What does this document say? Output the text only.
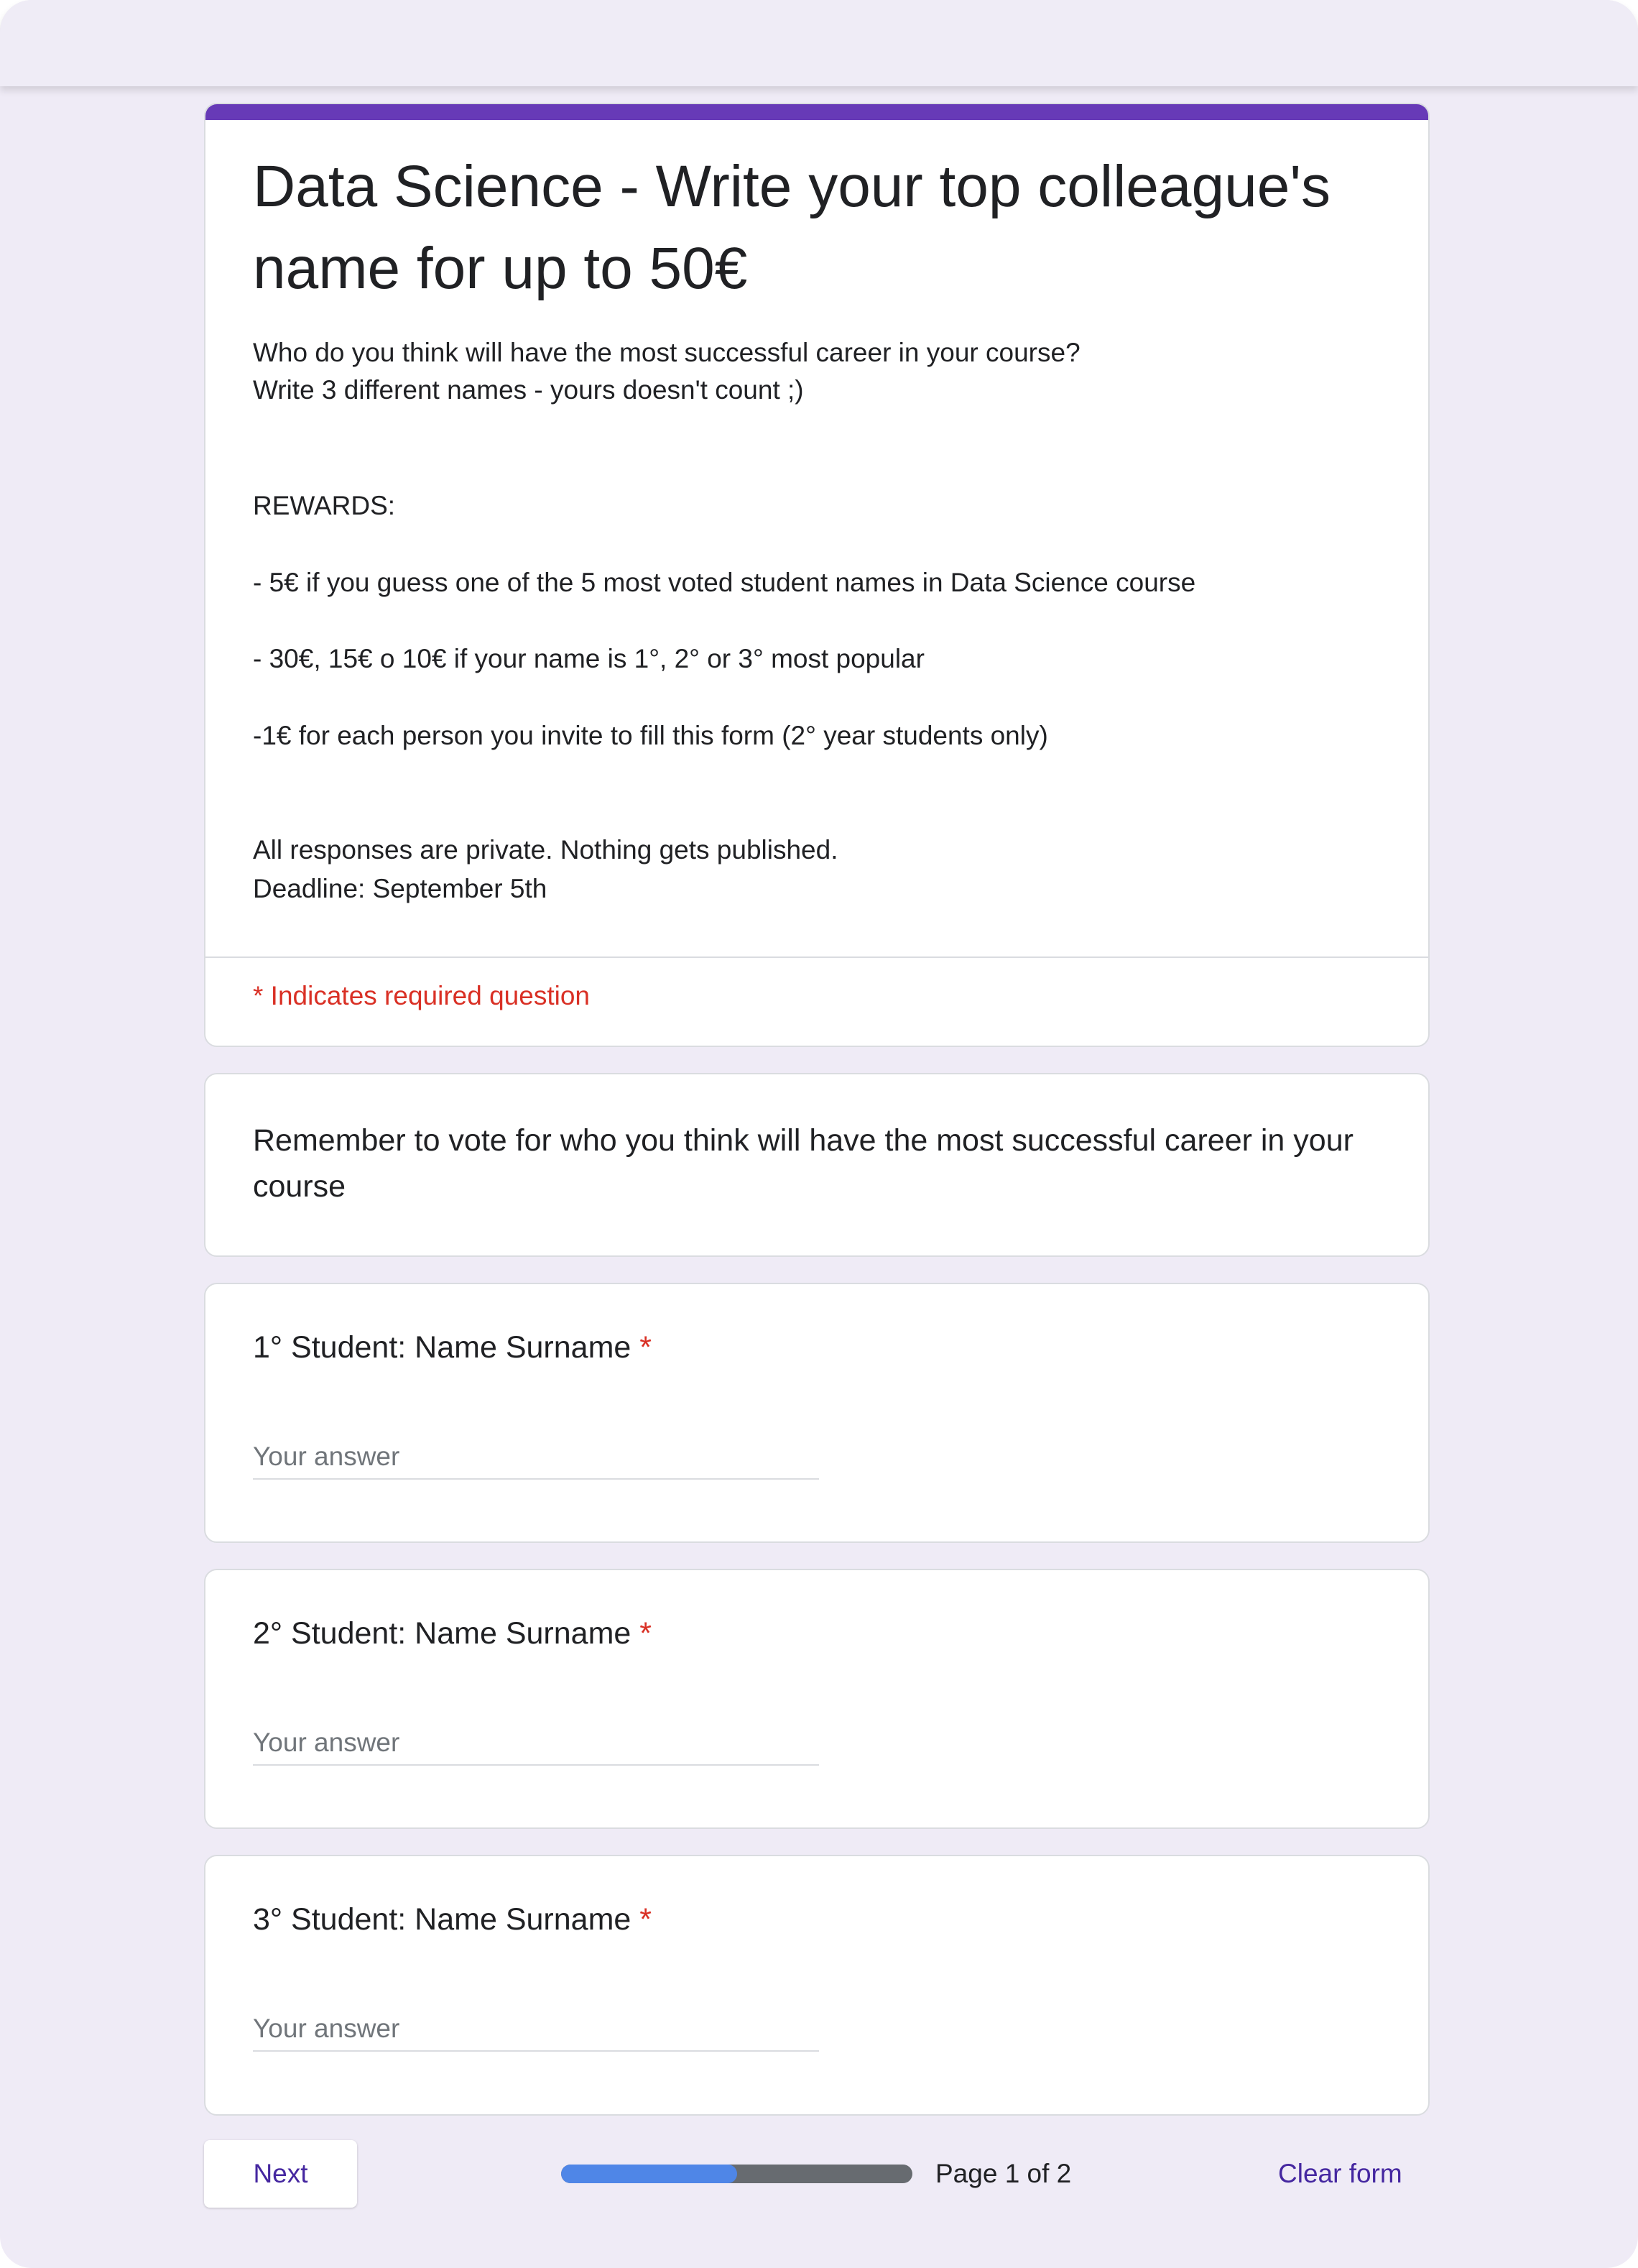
Data Science - Write your top colleague's name for up to 50€
Who do you think will have the most successful career in your course?
Write 3 different names - yours doesn't count ;)
REWARDS:
- 5€ if you guess one of the 5 most voted student names in Data Science course
- 30€, 15€ o 10€ if your name is 1°, 2° or 3° most popular
-1€ for each person you invite to fill this form (2° year students only)
All responses are private. Nothing gets published.
Deadline: September 5th
* Indicates required question
Remember to vote for who you think will have the most successful career in your course
1° Student: Name Surname *
Your answer
2° Student: Name Surname *
Your answer
3° Student: Name Surname *
Your answer
Next	Page 1 of 2	Clear form
